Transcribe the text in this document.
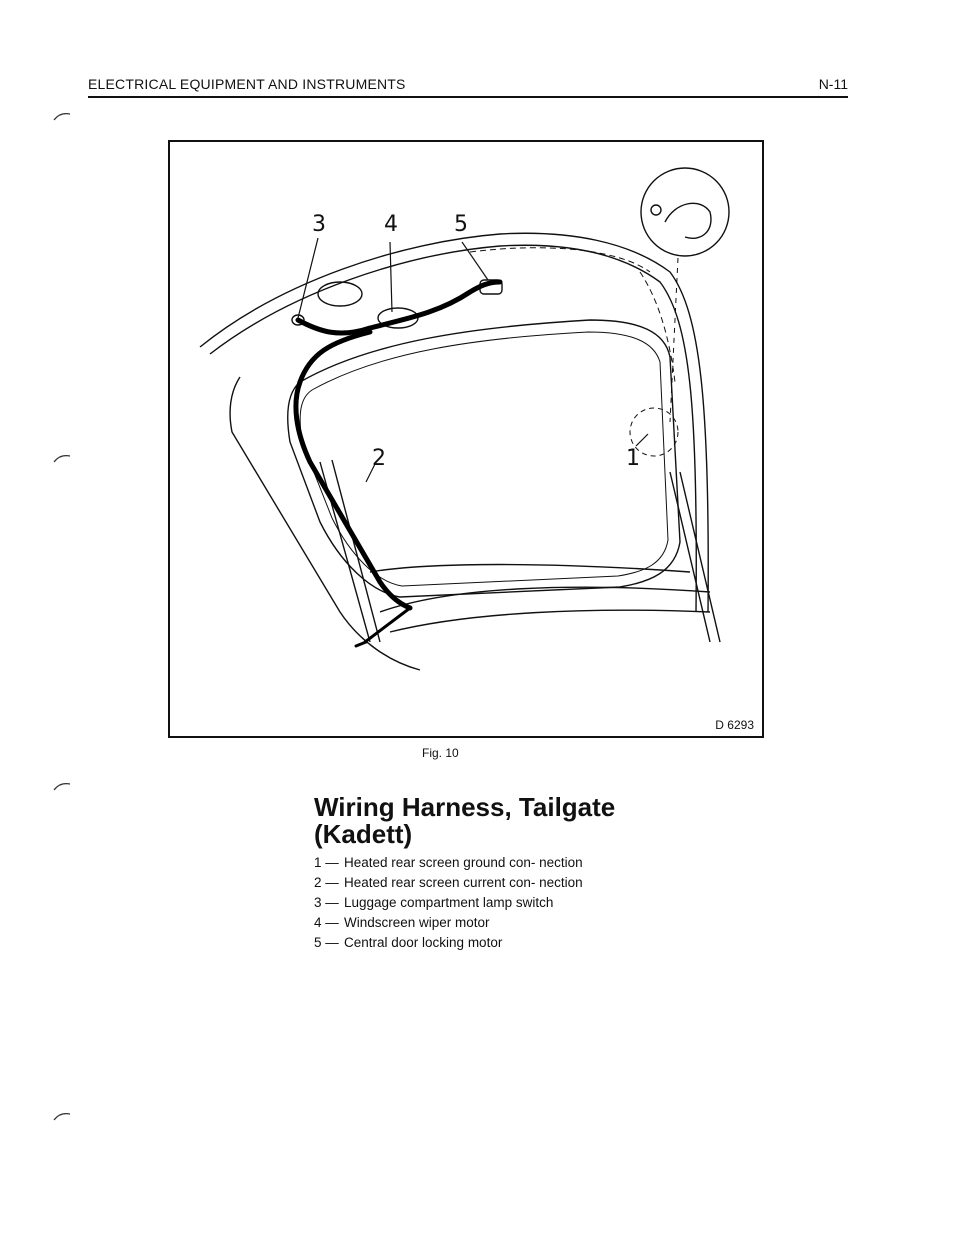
ELECTRICAL EQUIPMENT AND INSTRUMENTS	N-11
3	4	5
2	1
D 6293
Fig. 10
Wiring Harness, Tailgate
(Kadett)
1 — Heated rear screen ground con- nection
2 — Heated rear screen current con- nection
3 — Luggage compartment lamp switch
4 — Windscreen wiper motor
5 — Central door locking motor
